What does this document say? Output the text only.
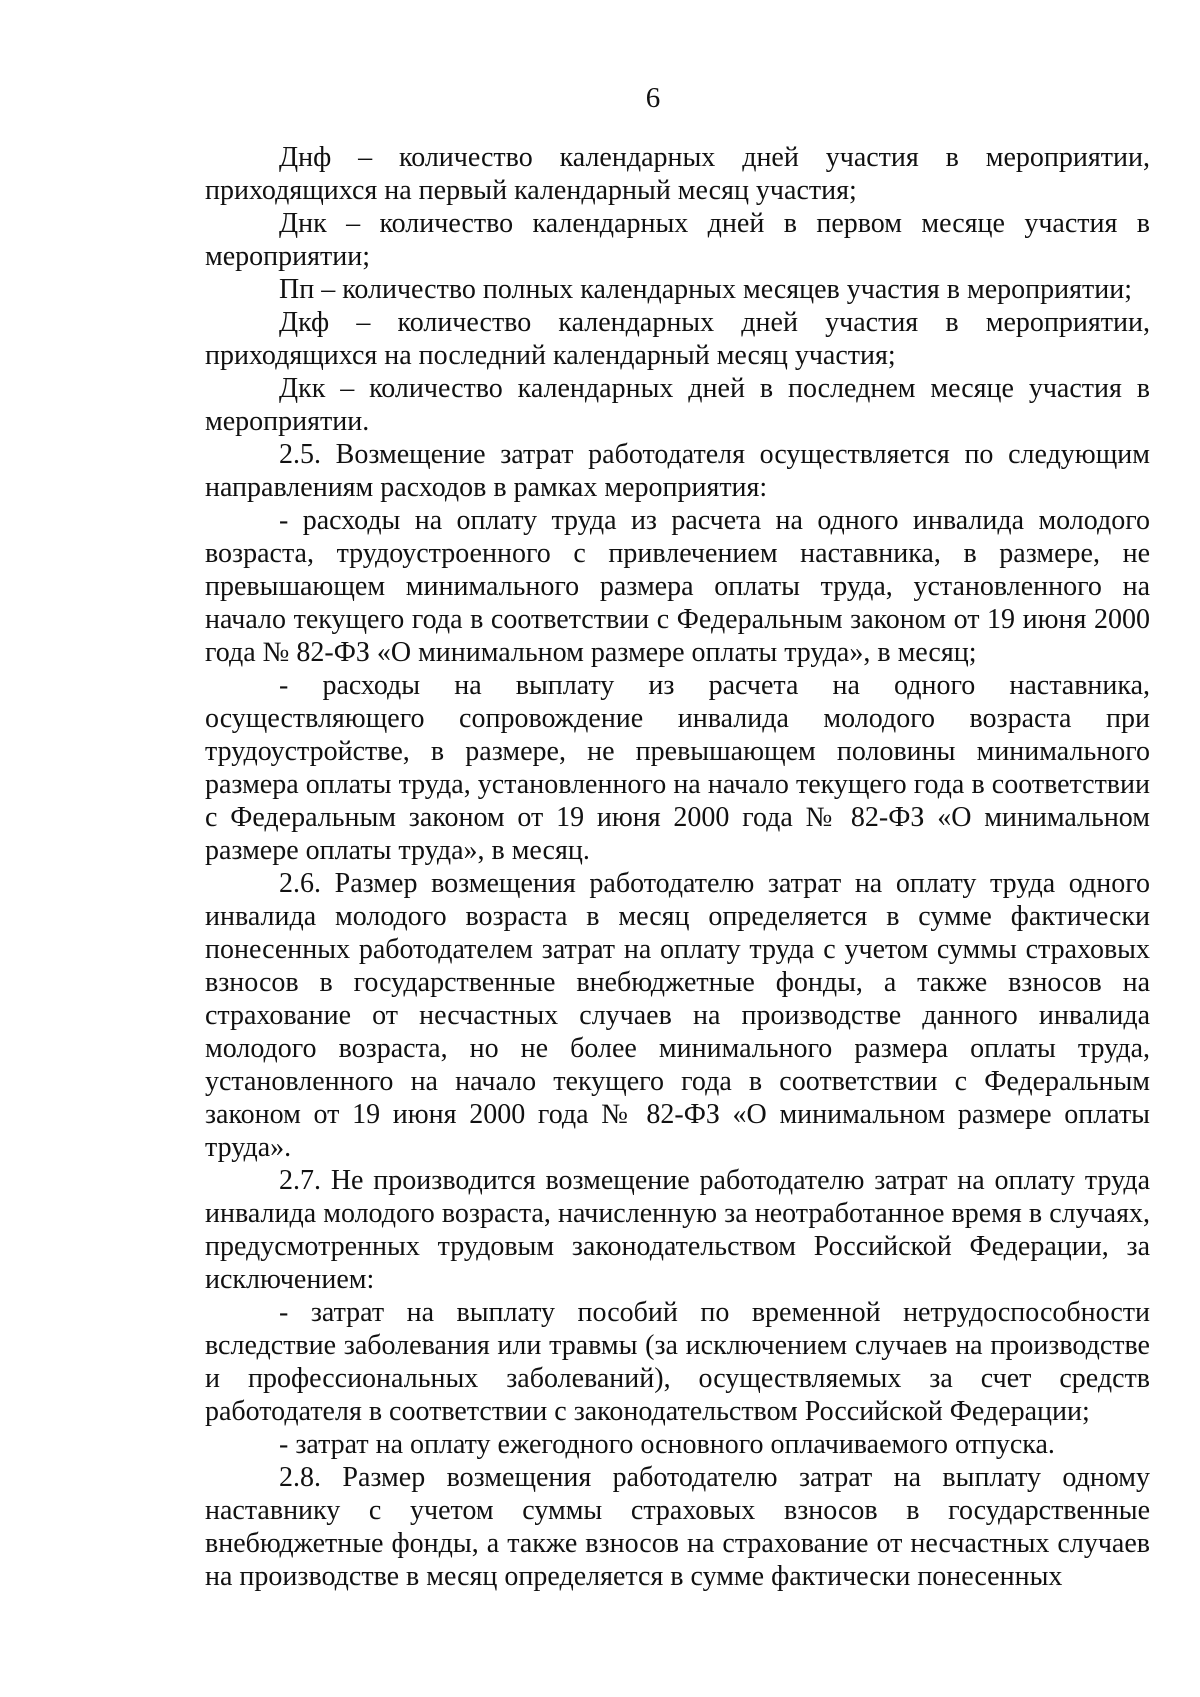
6

Днф – количество календарных дней участия в мероприятии, приходящихся на первый календарный месяц участия;

Днк – количество календарных дней в первом месяце участия в мероприятии;

Пп – количество полных календарных месяцев участия в мероприятии;

Дкф – количество календарных дней участия в мероприятии, приходящихся на последний календарный месяц участия;

Дкк – количество календарных дней в последнем месяце участия в мероприятии.

2.5. Возмещение затрат работодателя осуществляется по следующим направлениям расходов в рамках мероприятия:

- расходы на оплату труда из расчета на одного инвалида молодого возраста, трудоустроенного с привлечением наставника, в размере, не превышающем минимального размера оплаты труда, установленного на начало текущего года в соответствии с Федеральным законом от 19 июня 2000 года № 82-ФЗ «О минимальном размере оплаты труда», в месяц;

- расходы на выплату из расчета на одного наставника, осуществляющего сопровождение инвалида молодого возраста при трудоустройстве, в размере, не превышающем половины минимального размера оплаты труда, установленного на начало текущего года в соответствии с Федеральным законом от 19 июня 2000 года № 82-ФЗ «О минимальном размере оплаты труда», в месяц.

2.6. Размер возмещения работодателю затрат на оплату труда одного инвалида молодого возраста в месяц определяется в сумме фактически понесенных работодателем затрат на оплату труда с учетом суммы страховых взносов в государственные внебюджетные фонды, а также взносов на страхование от несчастных случаев на производстве данного инвалида молодого возраста, но не более минимального размера оплаты труда, установленного на начало текущего года в соответствии с Федеральным законом от 19 июня 2000 года № 82-ФЗ «О минимальном размере оплаты труда».

2.7. Не производится возмещение работодателю затрат на оплату труда инвалида молодого возраста, начисленную за неотработанное время в случаях, предусмотренных трудовым законодательством Российской Федерации, за исключением:

- затрат на выплату пособий по временной нетрудоспособности вследствие заболевания или травмы (за исключением случаев на производстве и профессиональных заболеваний), осуществляемых за счет средств работодателя в соответствии с законодательством Российской Федерации;

- затрат на оплату ежегодного основного оплачиваемого отпуска.

2.8. Размер возмещения работодателю затрат на выплату одному наставнику с учетом суммы страховых взносов в государственные внебюджетные фонды, а также взносов на страхование от несчастных случаев на производстве в месяц определяется в сумме фактически понесенных
